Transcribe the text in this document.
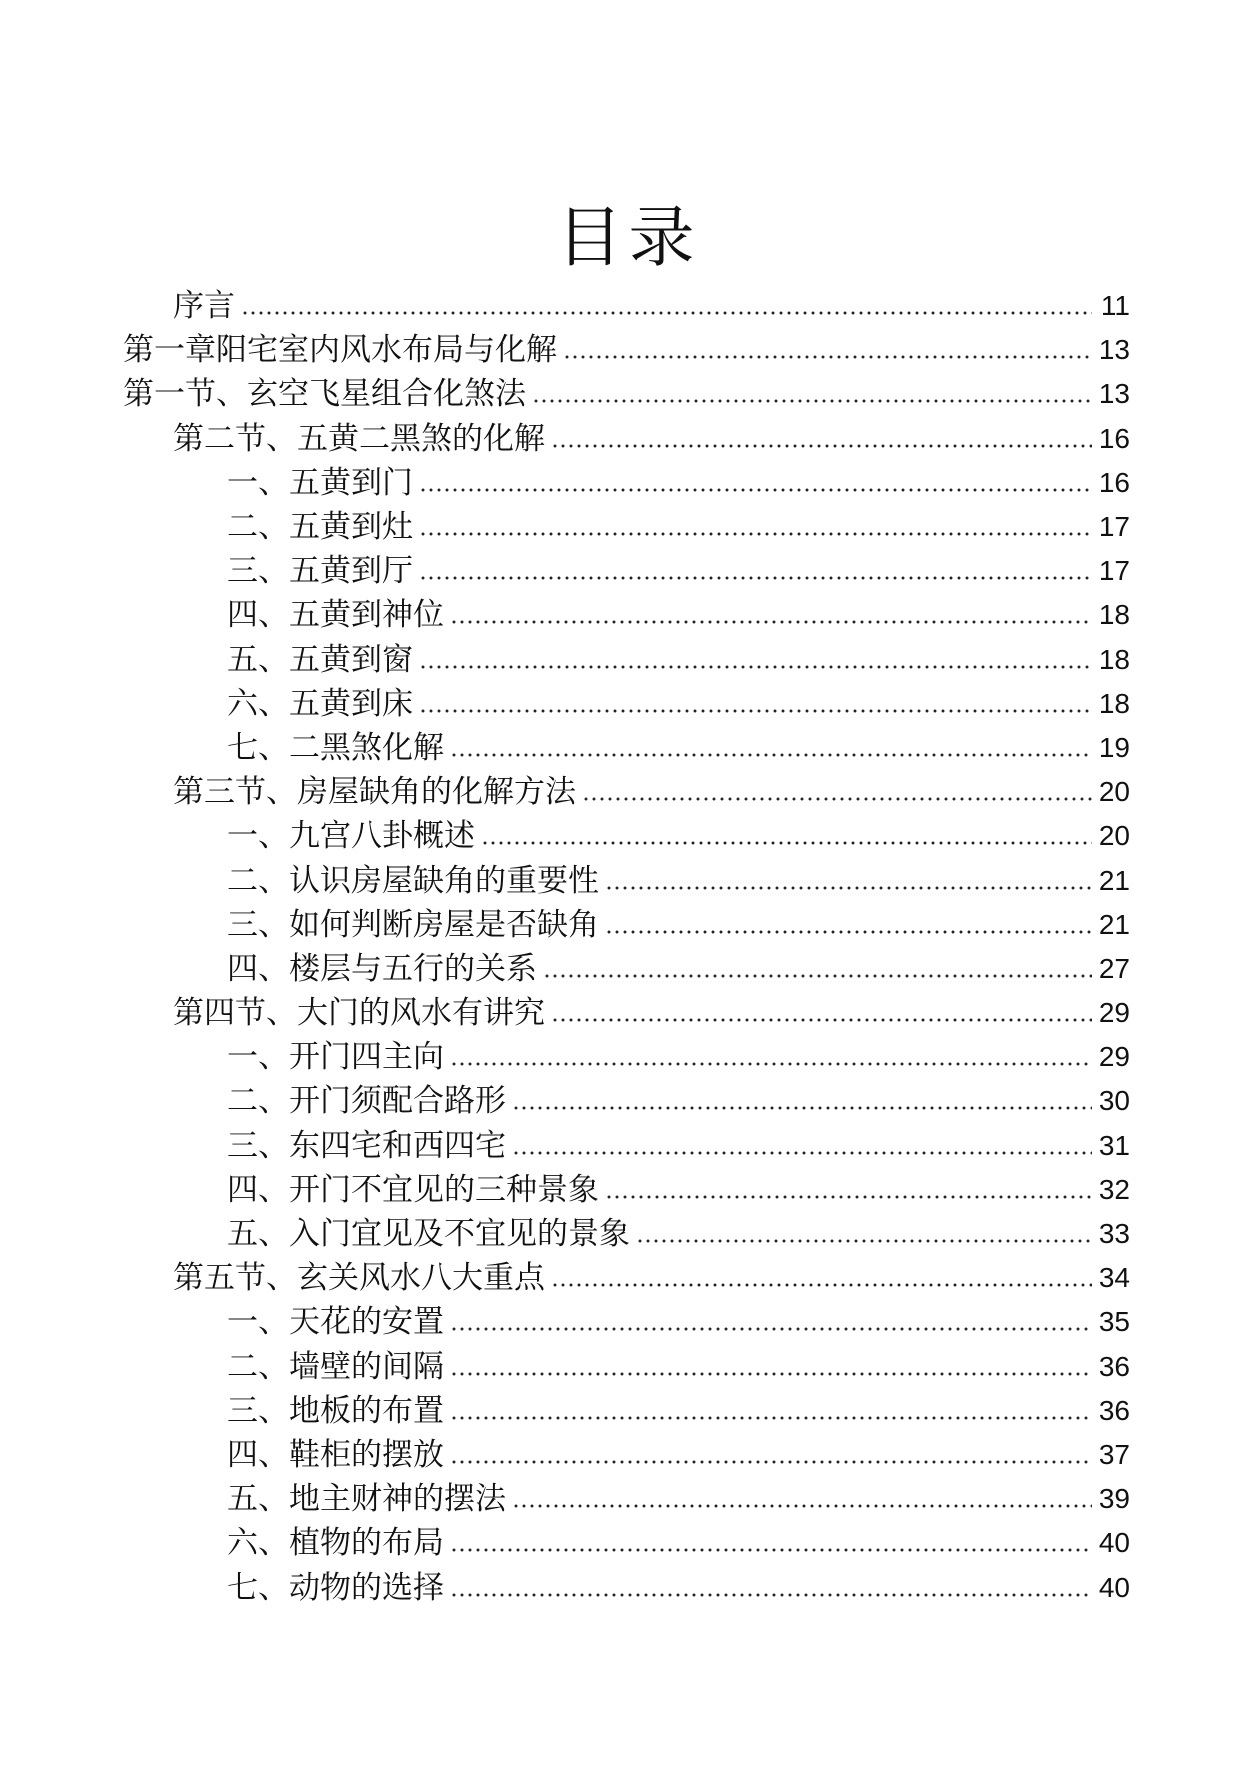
目录
序言	11
第一章阳宅室内风水布局与化解	13
第一节、玄空飞星组合化煞法	13
第二节、五黄二黑煞的化解	16
一、五黄到门	16
二、五黄到灶	17
三、五黄到厅	17
四、五黄到神位	18
五、五黄到窗	18
六、五黄到床	18
七、二黑煞化解	19
第三节、房屋缺角的化解方法	20
一、九宫八卦概述	20
二、认识房屋缺角的重要性	21
三、如何判断房屋是否缺角	21
四、楼层与五行的关系	27
第四节、大门的风水有讲究	29
一、开门四主向	29
二、开门须配合路形	30
三、东四宅和西四宅	31
四、开门不宜见的三种景象	32
五、入门宜见及不宜见的景象	33
第五节、玄关风水八大重点	34
一、天花的安置	35
二、墙壁的间隔	36
三、地板的布置	36
四、鞋柜的摆放	37
五、地主财神的摆法	39
六、植物的布局	40
七、动物的选择	40
